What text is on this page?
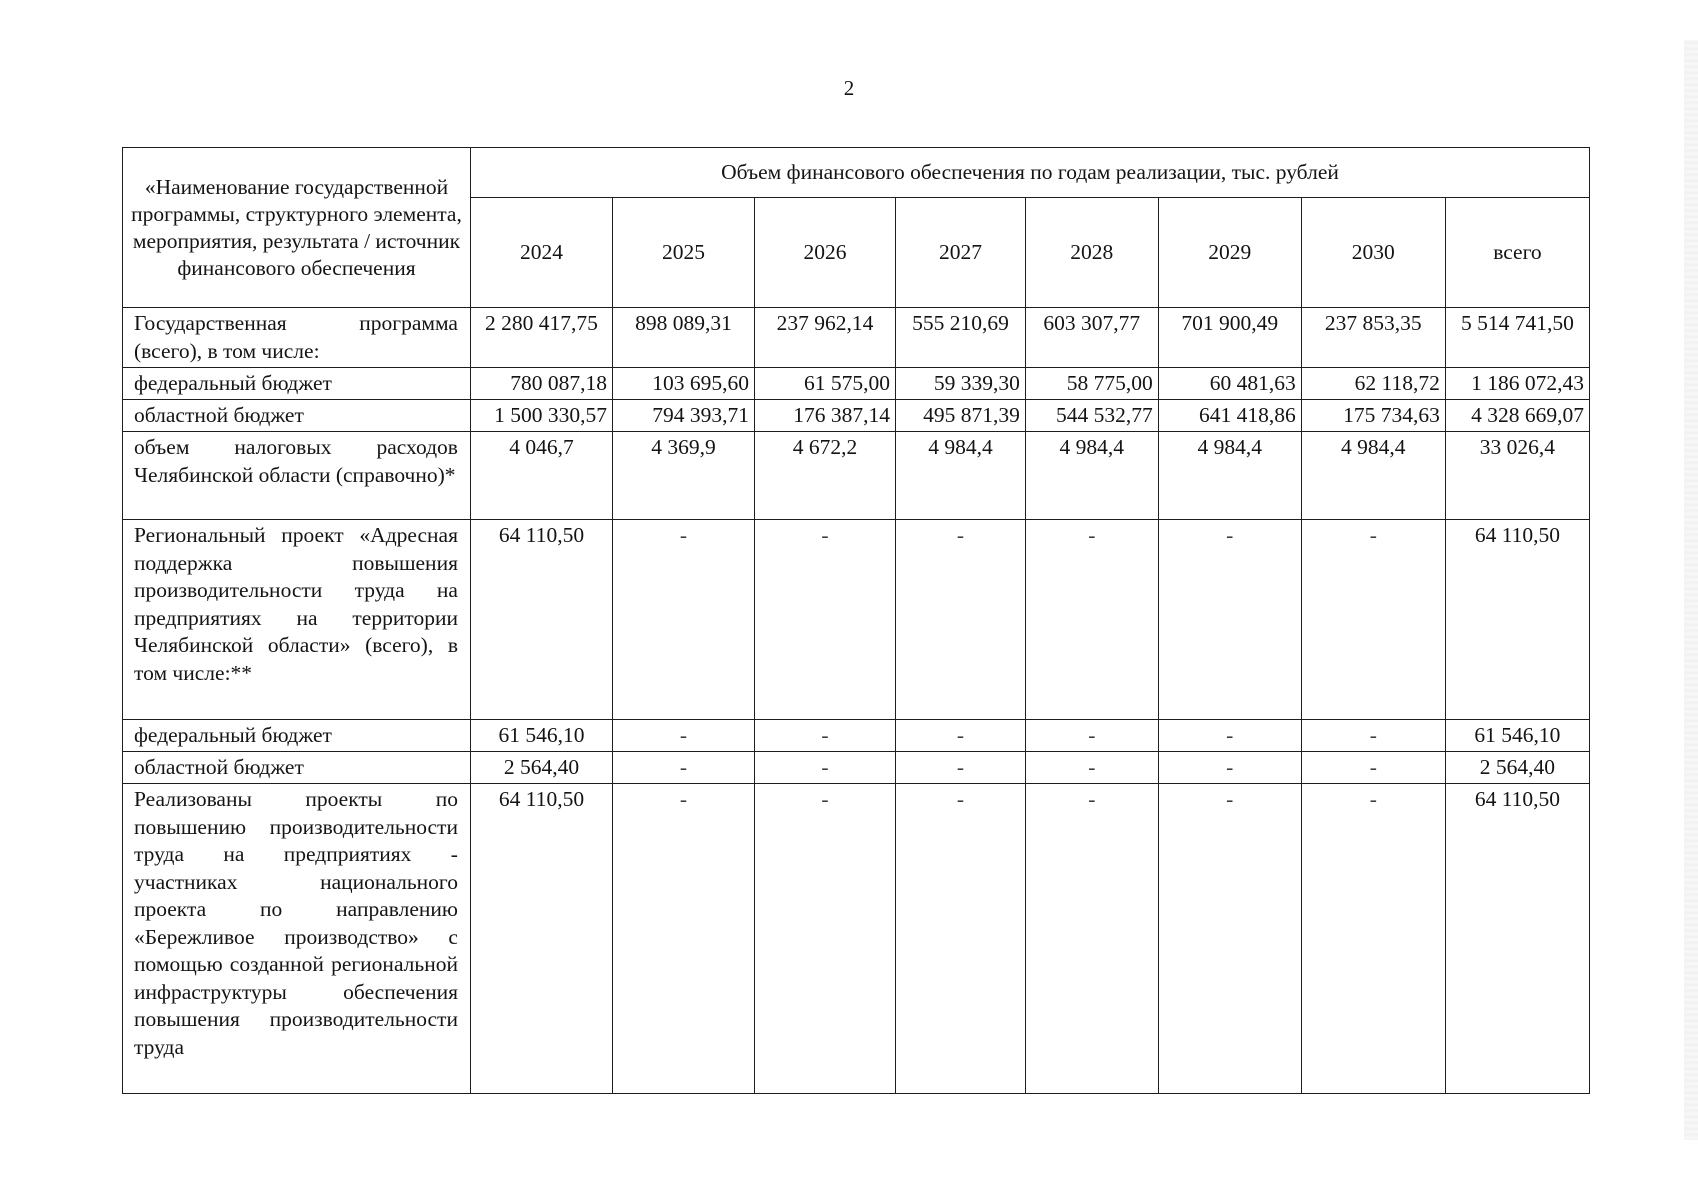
2
«Наименование государственной программы, структурного элемента, мероприятия, результата / источник финансового обеспечения	Объем финансового обеспечения по годам реализации, тыс. рублей							
	2024	2025	2026	2027	2028	2029	2030	всего
Государственная программа (всего), в том числе:	2 280 417,75	898 089,31	237 962,14	555 210,69	603 307,77	701 900,49	237 853,35	5 514 741,50
федеральный бюджет	780 087,18	103 695,60	61 575,00	59 339,30	58 775,00	60 481,63	62 118,72	1 186 072,43
областной бюджет	1 500 330,57	794 393,71	176 387,14	495 871,39	544 532,77	641 418,86	175 734,63	4 328 669,07
объем налоговых расходов Челябинской области (справочно)*	4 046,7	4 369,9	4 672,2	4 984,4	4 984,4	4 984,4	4 984,4	33 026,4
Региональный проект «Адресная поддержка повышения производительности труда на предприятиях на территории Челябинской области» (всего), в том числе:**	64 110,50	-	-	-	-	-	-	64 110,50
федеральный бюджет	61 546,10	-	-	-	-	-	-	61 546,10
областной бюджет	2 564,40	-	-	-	-	-	-	2 564,40
Реализованы проекты по повышению производительности труда на предприятиях - участниках национального проекта по направлению «Бережливое производство» с помощью созданной региональной инфраструктуры обеспечения повышения производительности труда	64 110,50	-	-	-	-	-	-	64 110,50
